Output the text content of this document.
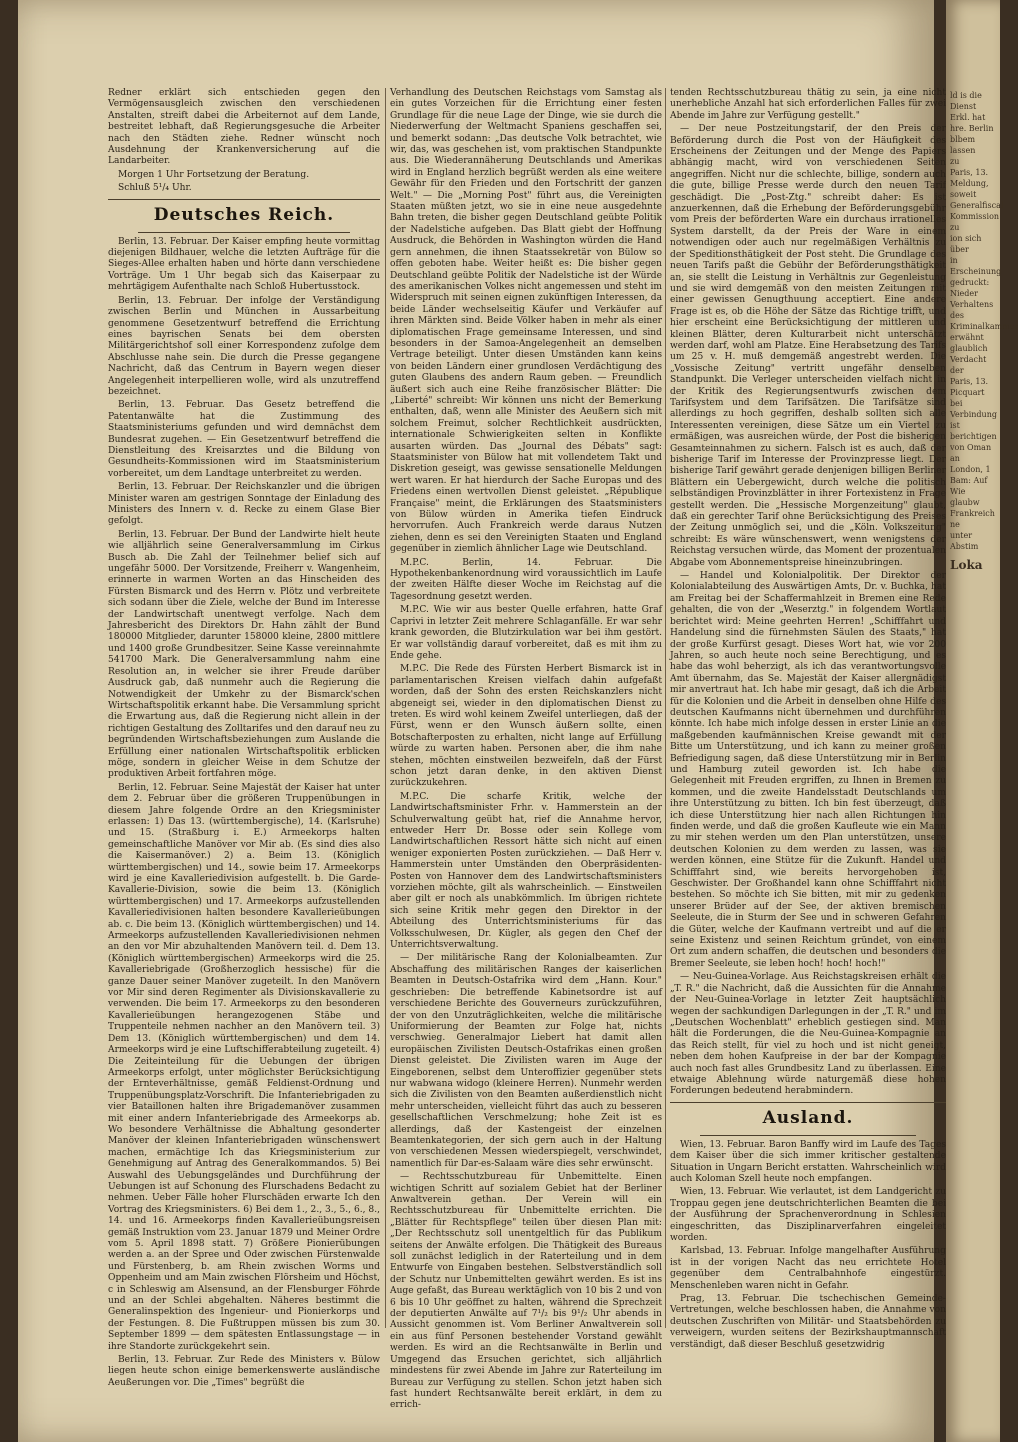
Redner erklärt sich entschieden gegen den Vermögensausgleich zwischen den verschiedenen Anstalten, streift dabei die Arbeiternot auf dem Lande, bestreitet lebhaft, daß Regierungsgesuche die Arbeiter nach den Städten ziehe. Redner wünscht noch Ausdehnung der Krankenversicherung auf die Landarbeiter.

Morgen 1 Uhr Fortsetzung der Beratung.

Schluß 5¹/₄ Uhr.

Deutsches Reich.

Berlin, 13. Februar. Der Kaiser empfing heute vormittag diejenigen Bildhauer, welche die letzten Aufträge für die Sieges-Allee erhalten haben und hörte dann verschiedene Vorträge. Um 1 Uhr begab sich das Kaiserpaar zu mehrtägigem Aufenthalte nach Schloß Hubertusstock.

Berlin, 13. Februar. Der infolge der Verständigung zwischen Berlin und München in Aussarbeitung genommene Gesetzentwurf betreffend die Errichtung eines bayrischen Senats bei dem obersten Militärgerichtshof soll einer Korrespondenz zufolge dem Abschlusse nahe sein. Die durch die Presse gegangene Nachricht, daß das Centrum in Bayern wegen dieser Angelegenheit interpellieren wolle, wird als unzutreffend bezeichnet.

Berlin, 13. Februar. Das Gesetz betreffend die Patentanwälte hat die Zustimmung des Staatsministeriums gefunden und wird demnächst dem Bundesrat zugehen. — Ein Gesetzentwurf betreffend die Dienstleitung des Kreisarztes und die Bildung von Gesundheits-Kommissionen wird im Staatsministerium vorbereitet, um dem Landtage unterbreitet zu werden.

Berlin, 13. Februar. Der Reichskanzler und die übrigen Minister waren am gestrigen Sonntage der Einladung des Ministers des Innern v. d. Recke zu einem Glase Bier gefolgt.

Berlin, 13. Februar. Der Bund der Landwirte hielt heute wie alljährlich seine Generalversammlung im Cirkus Busch ab. Die Zahl der Teilnehmer belief sich auf ungefähr 5000. Der Vorsitzende, Freiherr v. Wangenheim, erinnerte in warmen Worten an das Hinscheiden des Fürsten Bismarck und des Herrn v. Plötz und verbreitete sich sodann über die Ziele, welche der Bund im Interesse der Landwirtschaft unentwegt verfolge. Nach dem Jahresbericht des Direktors Dr. Hahn zählt der Bund 180000 Mitglieder, darunter 158000 kleine, 2800 mittlere und 1400 große Grundbesitzer. Seine Kasse vereinnahmte 541700 Mark. Die Generalversammlung nahm eine Resolution an, in welcher sie ihrer Freude darüber Ausdruck gab, daß nunmehr auch die Regierung die Notwendigkeit der Umkehr zu der Bismarck'schen Wirtschaftspolitik erkannt habe. Die Versammlung spricht die Erwartung aus, daß die Regierung nicht allein in der richtigen Gestaltung des Zolltarifes und den darauf neu zu begründenden Wirtschaftsbeziehungen zum Auslande die Erfüllung einer nationalen Wirtschaftspolitik erblicken möge, sondern in gleicher Weise in dem Schutze der produktiven Arbeit fortfahren möge.

Berlin, 12. Februar. Seine Majestät der Kaiser hat unter dem 2. Februar über die größeren Truppenübungen in diesem Jahre folgende Ordre an den Kriegsminister erlassen: 1) Das 13. (württembergische), 14. (Karlsruhe) und 15. (Straßburg i. E.) Armeekorps halten gemeinschaftliche Manöver vor Mir ab. (Es sind dies also die Kaisermanöver.) 2) a. Beim 13. (Königlich württembergischen) und 14., sowie beim 17. Armeekorps wird je eine Kavalleriedivision aufgestellt. b. Die Garde-Kavallerie-Division, sowie die beim 13. (Königlich württembergischen) und 17. Armeekorps aufzustellenden Kavalleriedivisionen halten besondere Kavallerieübungen ab. c. Die beim 13. (Königlich württembergischen) und 14. Armeekorps aufzustellenden Kavalleriedivisionen nehmen an den vor Mir abzuhaltenden Manövern teil. d. Dem 13. (Königlich württembergischen) Armeekorps wird die 25. Kavalleriebrigade (Großherzoglich hessische) für die ganze Dauer seiner Manöver zugeteilt. In den Manövern vor Mir sind deren Regimenter als Divisionskavallerie zu verwenden. Die beim 17. Armeekorps zu den besonderen Kavallerieübungen herangezogenen Stäbe und Truppenteile nehmen nachher an den Manövern teil. 3) Dem 13. (Königlich württembergischen) und dem 14. Armeekorps wird je eine Luftschifferabteilung zugeteilt. 4) Die Zeiteinteilung für die Uebungen der übrigen Armeekorps erfolgt, unter möglichster Berücksichtigung der Ernteverhältnisse, gemäß Feldienst-Ordnung und Truppenübungsplatz-Vorschrift. Die Infanteriebrigaden zu vier Bataillonen halten ihre Brigademanöver zusammen mit einer andern Infanteriebrigade des Armeekorps ab. Wo besondere Verhältnisse die Abhaltung gesonderter Manöver der kleinen Infanteriebrigaden wünschenswert machen, ermächtige Ich das Kriegsministerium zur Genehmigung auf Antrag des Generalkommandos. 5) Bei Auswahl des Uebungsgeländes und Durchführung der Uebungen ist auf Schonung des Flurschadens Bedacht zu nehmen. Ueber Fälle hoher Flurschäden erwarte Ich den Vortrag des Kriegsministers. 6) Bei dem 1., 2., 3., 5., 6., 8., 14. und 16. Armeekorps finden Kavallerieübungsreisen gemäß Instruktion vom 23. Januar 1879 und Meiner Ordre vom 5. April 1898 statt. 7) Größere Pionierübungen werden a. an der Spree und Oder zwischen Fürstenwalde und Fürstenberg, b. am Rhein zwischen Worms und Oppenheim und am Main zwischen Flörsheim und Höchst, c in Schleswig am Alsensund, an der Flensburger Föhrde und an der Schlei abgehalten. Näheres bestimmt die Generalinspektion des Ingenieur- und Pionierkorps und der Festungen. 8. Die Fußtruppen müssen bis zum 30. September 1899 — dem spätesten Entlassungstage — in ihre Standorte zurückgekehrt sein.

Berlin, 13. Februar. Zur Rede des Ministers v. Bülow liegen heute schon einige bemerkenswerte ausländische Aeußerungen vor. Die „Times" begrüßt die

Verhandlung des Deutschen Reichstags vom Samstag als ein gutes Vorzeichen für die Errichtung einer festen Grundlage für die neue Lage der Dinge, wie sie durch die Niederwerfung der Weltmacht Spaniens geschaffen sei, und bemerkt sodann: „Das deutsche Volk betrachtet, wie wir, das, was geschehen ist, vom praktischen Standpunkte aus. Die Wiederannäherung Deutschlands und Amerikas wird in England herzlich begrüßt werden als eine weitere Gewähr für den Frieden und den Fortschritt der ganzen Welt." — Die „Morning Post" führt aus, die Vereinigten Staaten müßten jetzt, wo sie in eine neue ausgedehnte Bahn treten, die bisher gegen Deutschland geübte Politik der Nadelstiche aufgeben. Das Blatt giebt der Hoffnung Ausdruck, die Behörden in Washington würden die Hand gern annehmen, die ihnen Staatssekretär von Bülow so offen geboten habe. Weiter heißt es: Die bisher gegen Deutschland geübte Politik der Nadelstiche ist der Würde des amerikanischen Volkes nicht angemessen und steht im Widerspruch mit seinen eignen zukünftigen Interessen, da beide Länder wechselseitig Käufer und Verkäufer auf ihren Märkten sind. Beide Völker haben in mehr als einer diplomatischen Frage gemeinsame Interessen, und sind besonders in der Samoa-Angelegenheit an demselben Vertrage beteiligt. Unter diesen Umständen kann keins von beiden Ländern einer grundlosen Verdächtigung des guten Glaubens des andern Raum geben. — Freundlich äußert sich auch eine Reihe französischer Blätter: Die „Liberté" schreibt: Wir können uns nicht der Bemerkung enthalten, daß, wenn alle Minister des Aeußern sich mit solchem Freimut, solcher Rechtlichkeit ausdrückten, internationale Schwierigkeiten selten in Konflikte ausarten würden. Das „Journal des Débats" sagt: Staatsminister von Bülow hat mit vollendetem Takt und Diskretion geseigt, was gewisse sensationelle Meldungen wert waren. Er hat hierdurch der Sache Europas und des Friedens einen wertvollen Dienst geleistet. „République Française" meint, die Erklärungen des Staatsministers von Bülow würden in Amerika tiefen Eindruck hervorrufen. Auch Frankreich werde daraus Nutzen ziehen, denn es sei den Vereinigten Staaten und England gegenüber in ziemlich ähnlicher Lage wie Deutschland.

M.P.C. Berlin, 14. Februar. Die Hypothekenbankenordnung wird voraussichtlich im Laufe der zweiten Hälfte dieser Woche im Reichstag auf die Tagesordnung gesetzt werden.

M.P.C. Wie wir aus bester Quelle erfahren, hatte Graf Caprivi in letzter Zeit mehrere Schlaganfälle. Er war sehr krank geworden, die Blutzirkulation war bei ihm gestört. Er war vollständig darauf vorbereitet, daß es mit ihm zu Ende gehe.

M.P.C. Die Rede des Fürsten Herbert Bismarck ist in parlamentarischen Kreisen vielfach dahin aufgefaßt worden, daß der Sohn des ersten Reichskanzlers nicht abgeneigt sei, wieder in den diplomatischen Dienst zu treten. Es wird wohl keinem Zweifel unterliegen, daß der Fürst, wenn er den Wunsch äußern sollte, einen Botschafterposten zu erhalten, nicht lange auf Erfüllung würde zu warten haben. Personen aber, die ihm nahe stehen, möchten einstweilen bezweifeln, daß der Fürst schon jetzt daran denke, in den aktiven Dienst zurückzukehren.

M.P.C. Die scharfe Kritik, welche der Landwirtschaftsminister Frhr. v. Hammerstein an der Schulverwaltung geübt hat, rief die Annahme hervor, entweder Herr Dr. Bosse oder sein Kollege vom Landwirtschaftlichen Ressort hätte sich nicht auf einen weniger exponierten Posten zurückziehen. — Daß Herr v. Hammerstein unter Umständen den Oberpräsidenten-Posten von Hannover dem des Landwirtschaftsministers vorziehen möchte, gilt als wahrscheinlich. — Einstweilen aber gilt er noch als unabkömmlich. Im übrigen richtete sich seine Kritik mehr gegen den Direktor in der Abteilung des Unterrichtsministeriums für das Volksschulwesen, Dr. Kügler, als gegen den Chef der Unterrichtsverwaltung.

— Der militärische Rang der Kolonialbeamten. Zur Abschaffung des militärischen Ranges der kaiserlichen Beamten in Deutsch-Ostafrika wird dem „Hann. Kour." geschrieben: Die betreffende Kabinetsordre ist auf verschiedene Berichte des Gouverneurs zurückzuführen, der von den Unzuträglichkeiten, welche die militärische Uniformierung der Beamten zur Folge hat, nichts verschwieg. Generalmajor Liebert hat damit allen europäischen Zivilisten Deutsch-Ostafrikas einen großen Dienst geleistet. Die Zivilisten waren im Auge der Eingeborenen, selbst dem Unteroffizier gegenüber stets nur wabwana widogo (kleinere Herren). Nunmehr werden sich die Zivilisten von den Beamten außerdienstlich nicht mehr unterscheiden, vielleicht führt das auch zu besseren gesellschaftlichen Verschmelzung; hohe Zeit ist es allerdings, daß der Kastengeist der einzelnen Beamtenkategorien, der sich gern auch in der Haltung von verschiedenen Messen wiederspiegelt, verschwindet, namentlich für Dar-es-Salaam wäre dies sehr erwünscht.

— Rechtsschutzbureau für Unbemittelte. Einen wichtigen Schritt auf sozialem Gebiet hat der Berliner Anwaltverein gethan. Der Verein will ein Rechtsschutzbureau für Unbemittelte errichten. Die „Blätter für Rechtspflege" teilen über diesen Plan mit: „Der Rechtsschutz soll unentgeltlich für das Publikum seitens der Anwälte erfolgen. Die Thätigkeit des Bureaus soll zunächst lediglich in der Raterteilung und in dem Entwurfe von Eingaben bestehen. Selbstverständlich soll der Schutz nur Unbemittelten gewährt werden. Es ist ins Auge gefaßt, das Bureau werktäglich von 10 bis 2 und von 6 bis 10 Uhr geöffnet zu halten, während die Sprechzeit der deputierten Anwälte auf 7¹/₂ bis 9¹/₂ Uhr abends in Aussicht genommen ist. Vom Berliner Anwaltverein soll ein aus fünf Personen bestehender Vorstand gewählt werden. Es wird an die Rechtsanwälte in Berlin und Umgegend das Ersuchen gerichtet, sich alljährlich mindestens für zwei Abende im Jahre zur Raterteilung im Bureau zur Verfügung zu stellen. Schon jetzt haben sich fast hundert Rechtsanwälte bereit erklärt, in dem zu errich-

tenden Rechtsschutzbureau thätig zu sein, ja eine nicht unerhebliche Anzahl hat sich erforderlichen Falles für zwei Abende im Jahre zur Verfügung gestellt."

— Der neue Postzeitungstarif, der den Preis der Beförderung durch die Post von der Häufigkeit des Erscheinens der Zeitungen und der Menge des Papiers abhängig macht, wird von verschiedenen Seiten angegriffen. Nicht nur die schlechte, billige, sondern auch die gute, billige Presse werde durch den neuen Tarif geschädigt. Die „Post-Ztg." schreibt daher: Es ist anzuerkennen, daß die Erhebung der Beförderungsgebühr vom Preis der beförderten Ware ein durchaus irrationelles System darstellt, da der Preis der Ware in einem notwendigen oder auch nur regelmäßigen Verhältnis zu der Speditionsthätigkeit der Post steht. Die Grundlage des neuen Tarifs paßt die Gebühr der Beförderungsthätigkeit an, sie stellt die Leistung in Verhältnis zur Gegenleistung und sie wird demgemäß von den meisten Zeitungen mit einer gewissen Genugthuung acceptiert. Eine andere Frage ist es, ob die Höhe der Sätze das Richtige trifft, und hier erscheint eine Berücksichtigung der mittleren und kleinen Blätter, deren Kulturarbeit nicht unterschätzt werden darf, wohl am Platze. Eine Herabsetzung des Tarifs um 25 v. H. muß demgemäß angestrebt werden. Die „Vossische Zeitung" vertritt ungefähr denselben Standpunkt. Die Verleger unterscheiden vielfach nicht in der Kritik des Regierungsentwurfs zwischen dem Tarifsystem und dem Tarifsätzen. Die Tarifsätze sind allerdings zu hoch gegriffen, deshalb sollten sich alle Interessenten vereinigen, diese Sätze um ein Viertel zu ermäßigen, was ausreichen würde, der Post die bisherigen Gesamteinnahmen zu sichern. Falsch ist es auch, daß der bisherige Tarif im Interesse der Provinzpresse liegt. Der bisherige Tarif gewährt gerade denjenigen billigen Berliner Blättern ein Uebergewicht, durch welche die politisch selbständigen Provinzblätter in ihrer Fortexistenz in Frage gestellt werden. Die „Hessische Morgenzeitung" glaubt, daß ein gerechter Tarif ohne Berücksichtigung des Preises der Zeitung unmöglich sei, und die „Köln. Volkszeitung" schreibt: Es wäre wünschenswert, wenn wenigstens der Reichstag versuchen würde, das Moment der prozentualen Abgabe vom Abonnementspreise hineinzubringen.

— Handel und Kolonialpolitik. Der Direktor der Kolonialabteilung des Auswärtigen Amts, Dr. v. Buchka, hat am Freitag bei der Schaffermahlzeit in Bremen eine Rede gehalten, die von der „Weserztg." in folgendem Wortlaut berichtet wird: Meine geehrten Herren! „Schifffahrt und Handelung sind die fürnehmsten Säulen des Staats," hat der große Kurfürst gesagt. Dieses Wort hat, wie vor 200 Jahren, so auch heute noch seine Berechtigung, und es habe das wohl beherzigt, als ich das verantwortungsvolle Amt übernahm, das Se. Majestät der Kaiser allergnädigst mir anvertraut hat. Ich habe mir gesagt, daß ich die Arbeit für die Kolonien und die Arbeit in denselben ohne Hilfe des deutschen Kaufmanns nicht übernehmen und durchführen könnte. Ich habe mich infolge dessen in erster Linie an die maßgebenden kaufmännischen Kreise gewandt mit der Bitte um Unterstützung, und ich kann zu meiner großen Befriedigung sagen, daß diese Unterstützung mir in Berlin und Hamburg zuteil geworden ist. Ich habe die Gelegenheit mit Freuden ergriffen, zu Ihnen in Bremen zu kommen, und die zweite Handelsstadt Deutschlands um ihre Unterstützung zu bitten. Ich bin fest überzeugt, daß ich diese Unterstützung hier nach allen Richtungen hin finden werde, und daß die großen Kaufleute wie ein Mann zu mir stehen werden um den Plan unterstützen, unsere deutschen Kolonien zu dem werden zu lassen, was sie werden können, eine Stütze für die Zukunft. Handel und Schifffahrt sind, wie bereits hervorgehoben ist, Geschwister. Der Großhandel kann ohne Schifffahrt nicht bestehen. So möchte ich Sie bitten, mit mir zu gedenken unserer Brüder auf der See, der aktiven bremischen Seeleute, die in Sturm der See und in schweren Gefahren die Güter, welche der Kaufmann vertreibt und auf die er seine Existenz und seinen Reichtum gründet, von einem Ort zum andern schaffen, die deutschen und besonders die Bremer Seeleute, sie leben hoch! hoch! hoch!"

— Neu-Guinea-Vorlage. Aus Reichstagskreisen erhält die „T. R." die Nachricht, daß die Aussichten für die Annahme der Neu-Guinea-Vorlage in letzter Zeit hauptsächlich wegen der sachkundigen Darlegungen in der „T. R." und im „Deutschen Wochenblatt" erheblich gestiegen sind. Man hält die Forderungen, die die Neu-Guinea-Kompagnie an das Reich stellt, für viel zu hoch und ist nicht geneigt, neben dem hohen Kaufpreise in der bar der Kompagnie auch noch fast alles Grundbesitz Land zu überlassen. Eine etwaige Ablehnung würde naturgemäß diese hohen Forderungen bedeutend herabmindern.

Ausland.

Wien, 13. Februar. Baron Banffy wird im Laufe des Tages dem Kaiser über die sich immer kritischer gestaltende Situation in Ungarn Bericht erstatten. Wahrscheinlich wird auch Koloman Szell heute noch empfangen.

Wien, 13. Februar. Wie verlautet, ist dem Landgericht zu Troppau gegen jene deutschrichterlichen Beamten die bei der Ausführung der Sprachenverordnung in Schlesien eingeschritten, das Disziplinarverfahren eingeleitet worden.

Karlsbad, 13. Februar. Infolge mangelhafter Ausführung ist in der vorigen Nacht das neu errichtete Hotel gegenüber dem Centralbahnhofe eingestürzt. Menschenleben waren nicht in Gefahr.

Prag, 13. Februar. Die tschechischen Gemeinde-Vertretungen, welche beschlossen haben, die Annahme von deutschen Zuschriften von Militär- und Staatsbehörden zu verweigern, wurden seitens der Bezirkshauptmannschaft verständigt, daß dieser Beschluß gesetzwidrig

ld is die Dienst
Erkl. hat
hre. Berlin
blbem lassen
zu
Paris, 13.
Meldung, soweit
Generalfiscal
Kommission zu
ion sich über
in Erscheinung
gedruckt: Nieder
Verhaltens des
Kriminalkammer
erwähnt glaublich
Verdacht der
Paris, 13.
Picquart bei
Verbindung
ist berichtigen
von Oman an
London, 1
Bam: Auf
Wie glaubw
Frankreich ne
unter Abstim
Loka
